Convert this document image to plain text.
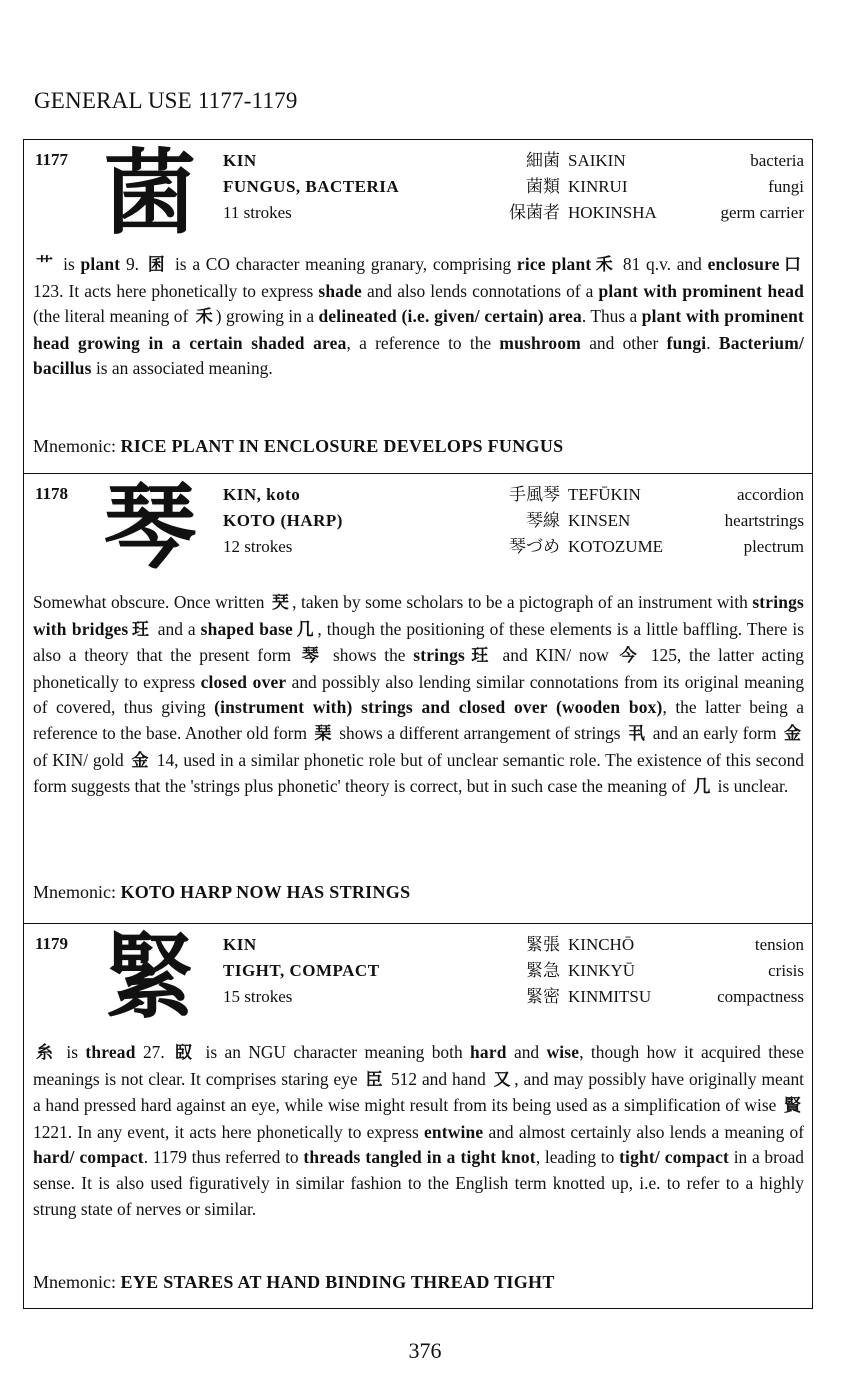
GENERAL USE 1177-1179
1177 菌 KIN
FUNGUS, BACTERIA
11 strokes
細菌 SAIKIN	bacteria
菌類 KINRUI	fungi
保菌者 HOKINSHA	germ carrier
艹 is plant 9. 囷 is a CO character meaning granary, comprising rice plant 禾 81 q.v. and enclosure 口 123. It acts here phonetically to express shade and also lends connotations of a plant with prominent head (the literal meaning of 禾 ) growing in a delineated (i.e. given/ certain) area. Thus a plant with prominent head growing in a certain shaded area, a reference to the mushroom and other fungi. Bacterium/ bacillus is an associated meaning.
Mnemonic: RICE PLANT IN ENCLOSURE DEVELOPS FUNGUS
1178 琴 KIN, koto
KOTO (HARP)
12 strokes
手風琴 TEFŪKIN	accordion
琴線 KINSEN	heartstrings
琴づめ KOTOZUME	plectrum
Somewhat obscure. Once written 珡 , taken by some scholars to be a pictograph of an instrument with strings with bridges 玨 and a shaped base 几 , though the positioning of these elements is a little baffling. There is also a theory that the present form 琴 shows the strings 玨 and KIN/ now 今 125, the latter acting phonetically to express closed over and possibly also lending similar connotations from its original meaning of covered, thus giving (instrument with) strings and closed over (wooden box), the latter being a reference to the base. Another old form 琹 shows a different arrangement of strings 丮 and an early form 金 of KIN/ gold 金 14, used in a similar phonetic role but of unclear semantic role. The existence of this second form suggests that the 'strings plus phonetic' theory is correct, but in such case the meaning of 几 is unclear.
Mnemonic: KOTO HARP NOW HAS STRINGS
1179 緊 KIN
TIGHT, COMPACT
15 strokes
緊張 KINCHŌ	tension
緊急 KINKYŪ	crisis
緊密 KINMITSU	compactness
糸 is thread 27. 臤 is an NGU character meaning both hard and wise, though how it acquired these meanings is not clear. It comprises staring eye 臣 512 and hand 又 , and may possibly have originally meant a hand pressed hard against an eye, while wise might result from its being used as a simplification of wise 賢 1221. In any event, it acts here phonetically to express entwine and almost certainly also lends a meaning of hard/ compact. 1179 thus referred to threads tangled in a tight knot, leading to tight/ compact in a broad sense. It is also used figuratively in similar fashion to the English term knotted up, i.e. to refer to a highly strung state of nerves or similar.
Mnemonic: EYE STARES AT HAND BINDING THREAD TIGHT
376
